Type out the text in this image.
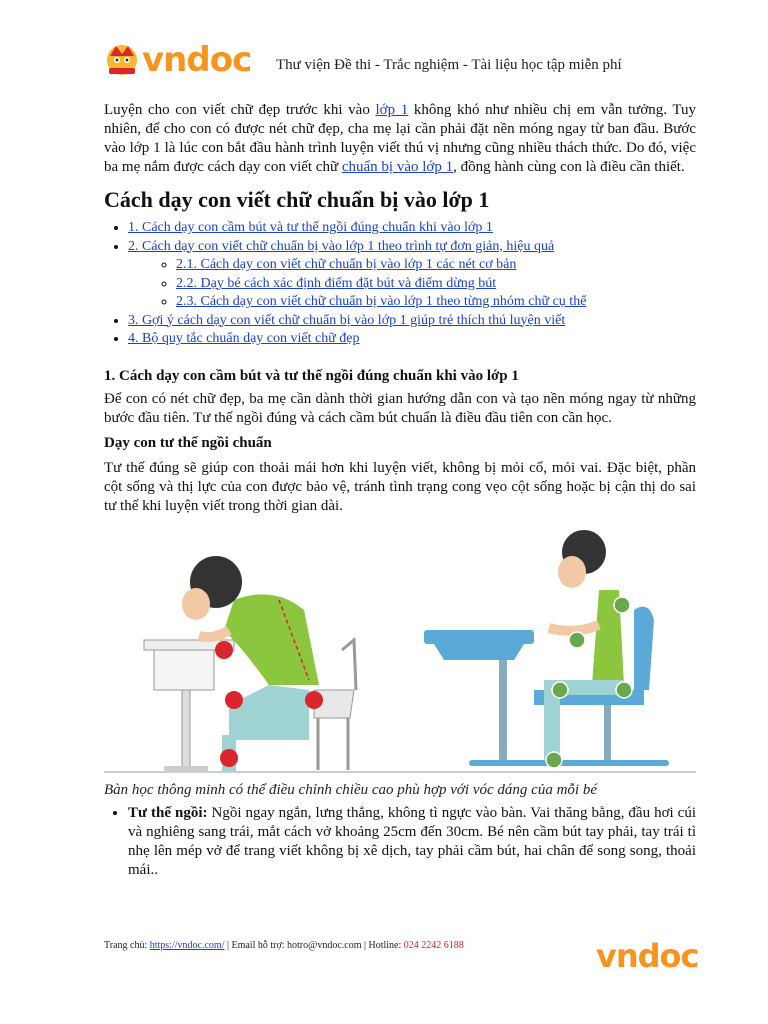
vndoc Thư viện Đề thi - Trắc nghiệm - Tài liệu học tập miễn phí

Luyện cho con viết chữ đẹp trước khi vào lớp 1 không khó như nhiều chị em vẫn tưởng. Tuy nhiên, để cho con có được nét chữ đẹp, cha mẹ lại cần phải đặt nền móng ngay từ ban đầu. Bước vào lớp 1 là lúc con bắt đầu hành trình luyện viết thú vị nhưng cũng nhiều thách thức. Do đó, việc ba mẹ nắm được cách dạy con viết chữ chuẩn bị vào lớp 1, đồng hành cùng con là điều cần thiết.

Cách dạy con viết chữ chuẩn bị vào lớp 1
• 1. Cách dạy con cầm bút và tư thế ngồi đúng chuẩn khi vào lớp 1
• 2. Cách dạy con viết chữ chuẩn bị vào lớp 1 theo trình tự đơn giản, hiệu quả
◦ 2.1. Cách dạy con viết chữ chuẩn bị vào lớp 1 các nét cơ bản
◦ 2.2. Dạy bé cách xác định điểm đặt bút và điểm dừng bút
◦ 2.3. Cách dạy con viết chữ chuẩn bị vào lớp 1 theo từng nhóm chữ cụ thể
• 3. Gợi ý cách dạy con viết chữ chuẩn bị vào lớp 1 giúp trẻ thích thú luyện viết
• 4. Bộ quy tắc chuẩn dạy con viết chữ đẹp
1. Cách dạy con cầm bút và tư thế ngồi đúng chuẩn khi vào lớp 1

Để con có nét chữ đẹp, ba mẹ cần dành thời gian hướng dẫn con và tạo nền móng ngay từ những bước đầu tiên. Tư thế ngồi đúng và cách cầm bút chuẩn là điều đầu tiên con cần học.

Dạy con tư thế ngồi chuẩn

Tư thế đúng sẽ giúp con thoải mái hơn khi luyện viết, không bị mỏi cổ, mỏi vai. Đặc biệt, phần cột sống và thị lực của con được bảo vệ, tránh tình trạng cong vẹo cột sống hoặc bị cận thị do sai tư thế khi luyện viết trong thời gian dài.

Bàn học thông minh có thể điều chỉnh chiều cao phù hợp với vóc dáng của mỗi bé
• Tư thế ngồi: Ngồi ngay ngắn, lưng thẳng, không tì ngực vào bàn. Vai thăng bằng, đầu hơi cúi và nghiêng sang trái, mắt cách vở khoảng 25cm đến 30cm. Bé nên cầm bút tay phải, tay trái tì nhẹ lên mép vở để trang viết không bị xê dịch, tay phải cầm bút, hai chân để song song, thoải mái..
Trang chủ: https://vndoc.com/ | Email hỗ trợ: hotro@vndoc.com | Hotline: 024 2242 6188	vndoc
